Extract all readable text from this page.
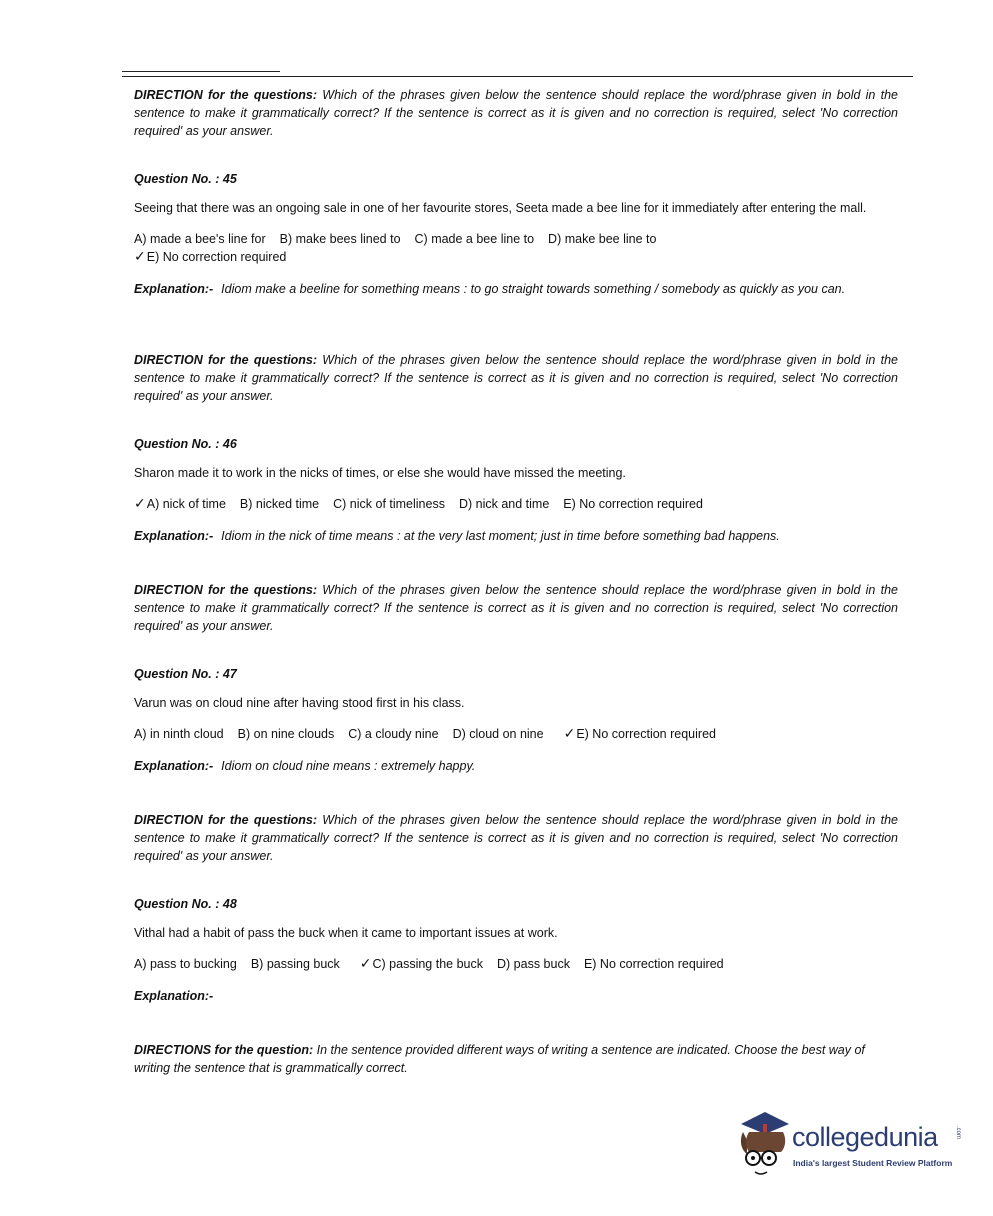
DIRECTION for the questions: Which of the phrases given below the sentence should replace the word/phrase given in bold in the sentence to make it grammatically correct? If the sentence is correct as it is given and no correction is required, select 'No correction required' as your answer.

Question No. : 45

Seeing that there was an ongoing sale in one of her favourite stores, Seeta made a bee line for it immediately after entering the mall.

A) made a bee's line for B) make bees lined to C) made a bee line to D) make bee line to
✓E) No correction required

Explanation:- Idiom make a beeline for something means : to go straight towards something / somebody as quickly as you can.

DIRECTION for the questions: Which of the phrases given below the sentence should replace the word/phrase given in bold in the sentence to make it grammatically correct? If the sentence is correct as it is given and no correction is required, select 'No correction required' as your answer.

Question No. : 46

Sharon made it to work in the nicks of times, or else she would have missed the meeting.

✓A) nick of time B) nicked time C) nick of timeliness D) nick and time E) No correction required

Explanation:- Idiom in the nick of time means : at the very last moment; just in time before something bad happens.

DIRECTION for the questions: Which of the phrases given below the sentence should replace the word/phrase given in bold in the sentence to make it grammatically correct? If the sentence is correct as it is given and no correction is required, select 'No correction required' as your answer.

Question No. : 47

Varun was on cloud nine after having stood first in his class.

A) in ninth cloud B) on nine clouds C) a cloudy nine D) cloud on nine ✓E) No correction required

Explanation:- Idiom on cloud nine means : extremely happy.

DIRECTION for the questions: Which of the phrases given below the sentence should replace the word/phrase given in bold in the sentence to make it grammatically correct? If the sentence is correct as it is given and no correction is required, select 'No correction required' as your answer.

Question No. : 48

Vithal had a habit of pass the buck when it came to important issues at work.

A) pass to bucking B) passing buck ✓C) passing the buck D) pass buck E) No correction required

Explanation:-

DIRECTIONS for the question: In the sentence provided different ways of writing a sentence are indicated. Choose the best way of writing the sentence that is grammatically correct.

collegedunia	.com
India's largest Student Review Platform
